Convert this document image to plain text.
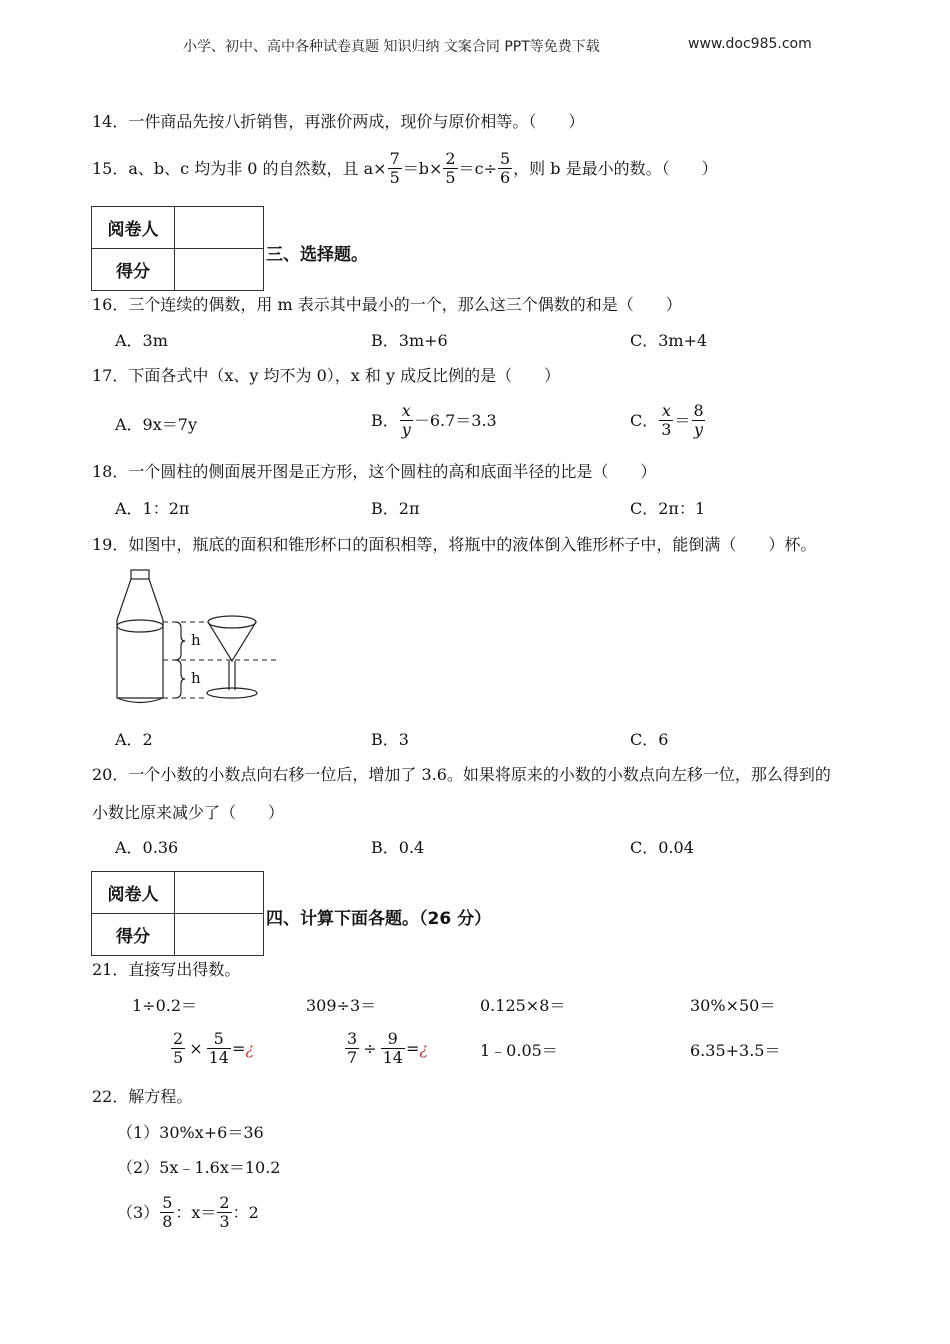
小学、初中、高中各种试卷真题 知识归纳 文案合同 PPT等免费下载	www.doc985.com
14．一件商品先按八折销售，再涨价两成，现价与原价相等。（　　）
15．a、b、c 均为非 0 的自然数，且 $a\times \frac{7}{5} =b\times \frac{2}{5} =c\div \frac{5}{6}$ ，则 b 是最小的数。（　　）
阅卷人	
得分	
三、选择题。
16．三个连续的偶数，用 m 表示其中最小的一个，那么这三个偶数的和是（　　）
A．3m	B．3m+6	C．3m+4
17．下面各式中（x、y 均不为 0），x 和 y 成反比例的是（　　）
A．9x＝7y	B． $\frac{x}{y} -6.7=3.3$	C． $\frac{x}{3} = \frac{8}{y}$
18．一个圆柱的侧面展开图是正方形，这个圆柱的高和底面半径的比是（　　）
A．1：2π	B．2π	C．2π：1
19．如图中，瓶底的面积和锥形杯口的面积相等，将瓶中的液体倒入锥形杯子中，能倒满（　　）杯。
h
h
A．2	B．3	C．6
20．一个小数的小数点向右移一位后，增加了 3.6。如果将原来的小数的小数点向左移一位，那么得到的
小数比原来减少了（　　）
A．0.36	B．0.4	C．0.04
阅卷人	
得分	
四、计算下面各题。（26 分）
21．直接写出得数。
1÷0.2＝	309÷3＝	0.125×8＝	30%×50＝
$\frac{2}{5} \times \frac{5}{14}$ = ¿	$\frac{3}{7} \div \frac{9}{14}$ = ¿	1﹣0.05＝	6.35+3.5＝
22．解方程。
（1）30%x+6＝36
（2）5x﹣1.6x＝10.2
$(3) \frac{5}{8}$ ：$x= \frac{2}{3}$ ：2
